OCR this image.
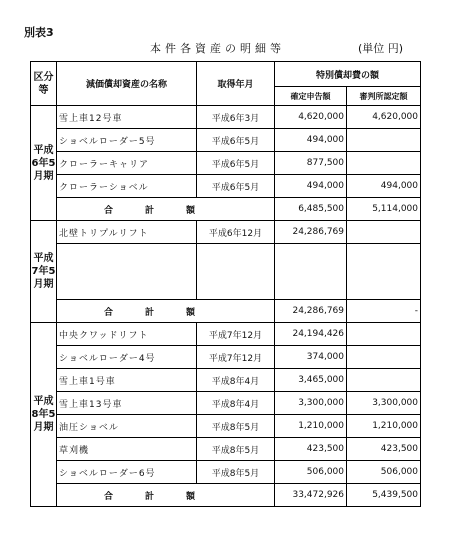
別表3
本件各資産の明細等	(単位 円)
区分等	減価償却資産の名称	取得年月	特別償却費の額	
			確定申告額	審判所認定額
平成6年5月期	雪上車12号車	平成6年3月	4,620,000	4,620,000
	ショベルローダー5号	平成6年5月	494,000	
	クローラーキャリア	平成6年5月	877,500	
	クローラーショベル	平成6年5月	494,000	494,000
	合計額		6,485,500	5,114,000
平成7年5月期	北壁トリプルリフト	平成6年12月	24,286,769	

	合計額		24,286,769	-
平成8年5月期	中央クワッドリフト	平成7年12月	24,194,426	
	ショベルローダー4号	平成7年12月	374,000	
	雪上車1号車	平成8年4月	3,465,000	
	雪上車13号車	平成8年4月	3,300,000	3,300,000
	油圧ショベル	平成8年5月	1,210,000	1,210,000
	草刈機	平成8年5月	423,500	423,500
	ショベルローダー6号	平成8年5月	506,000	506,000
	合計額		33,472,926	5,439,500
